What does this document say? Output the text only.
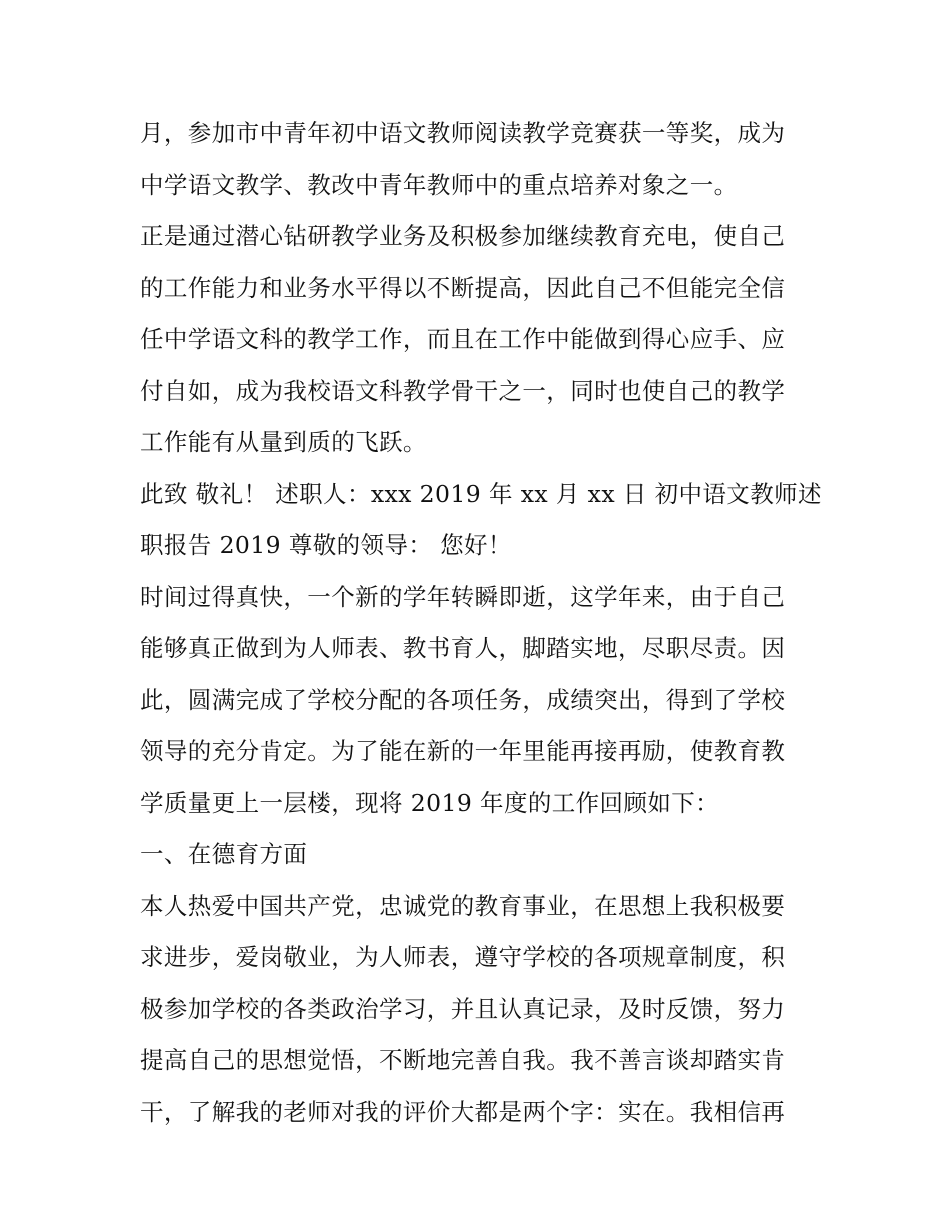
月，参加市中青年初中语文教师阅读教学竞赛获一等奖，成为
中学语文教学、教改中青年教师中的重点培养对象之一。
正是通过潜心钻研教学业务及积极参加继续教育充电，使自己
的工作能力和业务水平得以不断提高，因此自己不但能完全信
任中学语文科的教学工作，而且在工作中能做到得心应手、应
付自如，成为我校语文科教学骨干之一，同时也使自己的教学
工作能有从量到质的飞跃。
此致 敬礼！ 述职人：xxx 2019 年 xx 月 xx 日 初中语文教师述
职报告 2019 尊敬的领导： 您好！
时间过得真快，一个新的学年转瞬即逝，这学年来，由于自己
能够真正做到为人师表、教书育人，脚踏实地，尽职尽责。因
此，圆满完成了学校分配的各项任务，成绩突出，得到了学校
领导的充分肯定。为了能在新的一年里能再接再励，使教育教
学质量更上一层楼，现将 2019 年度的工作回顾如下：
一、在德育方面
本人热爱中国共产党，忠诚党的教育事业，在思想上我积极要
求进步，爱岗敬业，为人师表，遵守学校的各项规章制度，积
极参加学校的各类政治学习，并且认真记录，及时反馈，努力
提高自己的思想觉悟，不断地完善自我。我不善言谈却踏实肯
干，了解我的老师对我的评价大都是两个字：实在。我相信再
